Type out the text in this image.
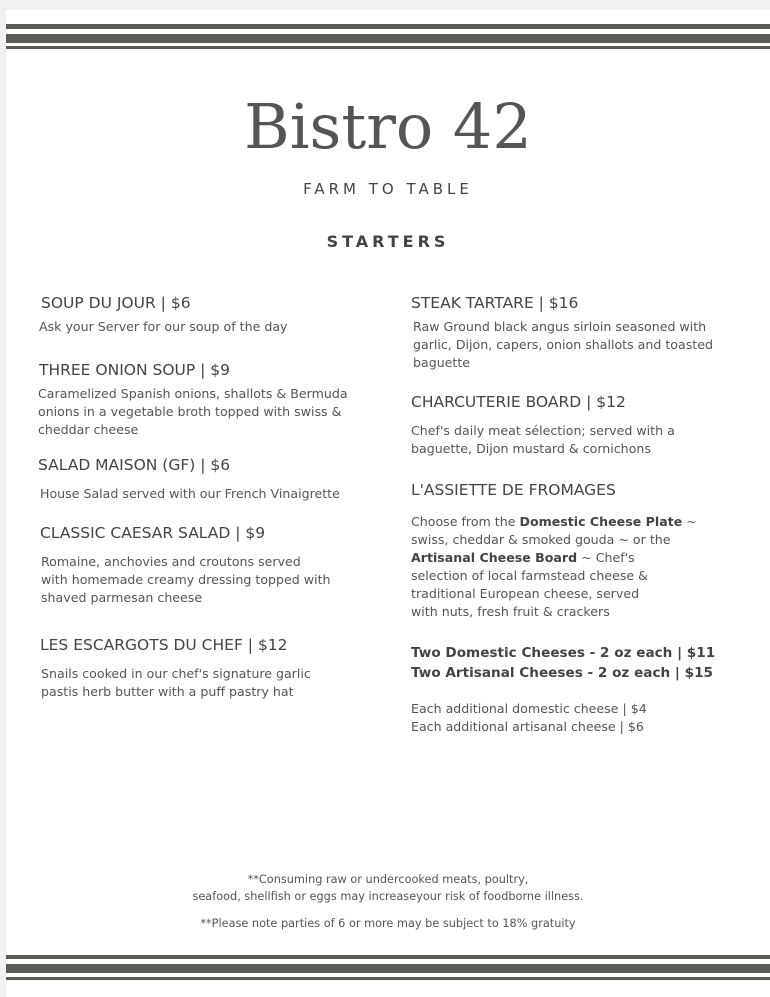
Bistro 42
FARM TO TABLE
STARTERS
SOUP DU JOUR | $6
Ask your Server for our soup of the day
THREE ONION SOUP | $9
Caramelized Spanish onions, shallots & Bermuda
onions in a vegetable broth topped with swiss &
cheddar cheese
SALAD MAISON (GF) | $6
House Salad served with our French Vinaigrette
CLASSIC CAESAR SALAD | $9
Romaine, anchovies and croutons served
with homemade creamy dressing topped with
shaved parmesan cheese
LES ESCARGOTS DU CHEF | $12
Snails cooked in our chef's signature garlic
pastis herb butter with a puff pastry hat
STEAK TARTARE | $16
Raw Ground black angus sirloin seasoned with
garlic, Dijon, capers, onion shallots and toasted
baguette
CHARCUTERIE BOARD | $12
Chef's daily meat sélection; served with a
baguette, Dijon mustard & cornichons
L'ASSIETTE DE FROMAGES
Choose from the Domestic Cheese Plate ~
swiss, cheddar & smoked gouda ~ or the
Artisanal Cheese Board ~ Chef's
selection of local farmstead cheese &
traditional European cheese, served
with nuts, fresh fruit & crackers
Two Domestic Cheeses - 2 oz each | $11
Two Artisanal Cheeses - 2 oz each | $15
Each additional domestic cheese | $4
Each additional artisanal cheese | $6
**Consuming raw or undercooked meats, poultry,
seafood, shellfish or eggs may increaseyour risk of foodborne illness.
**Please note parties of 6 or more may be subject to 18% gratuity
